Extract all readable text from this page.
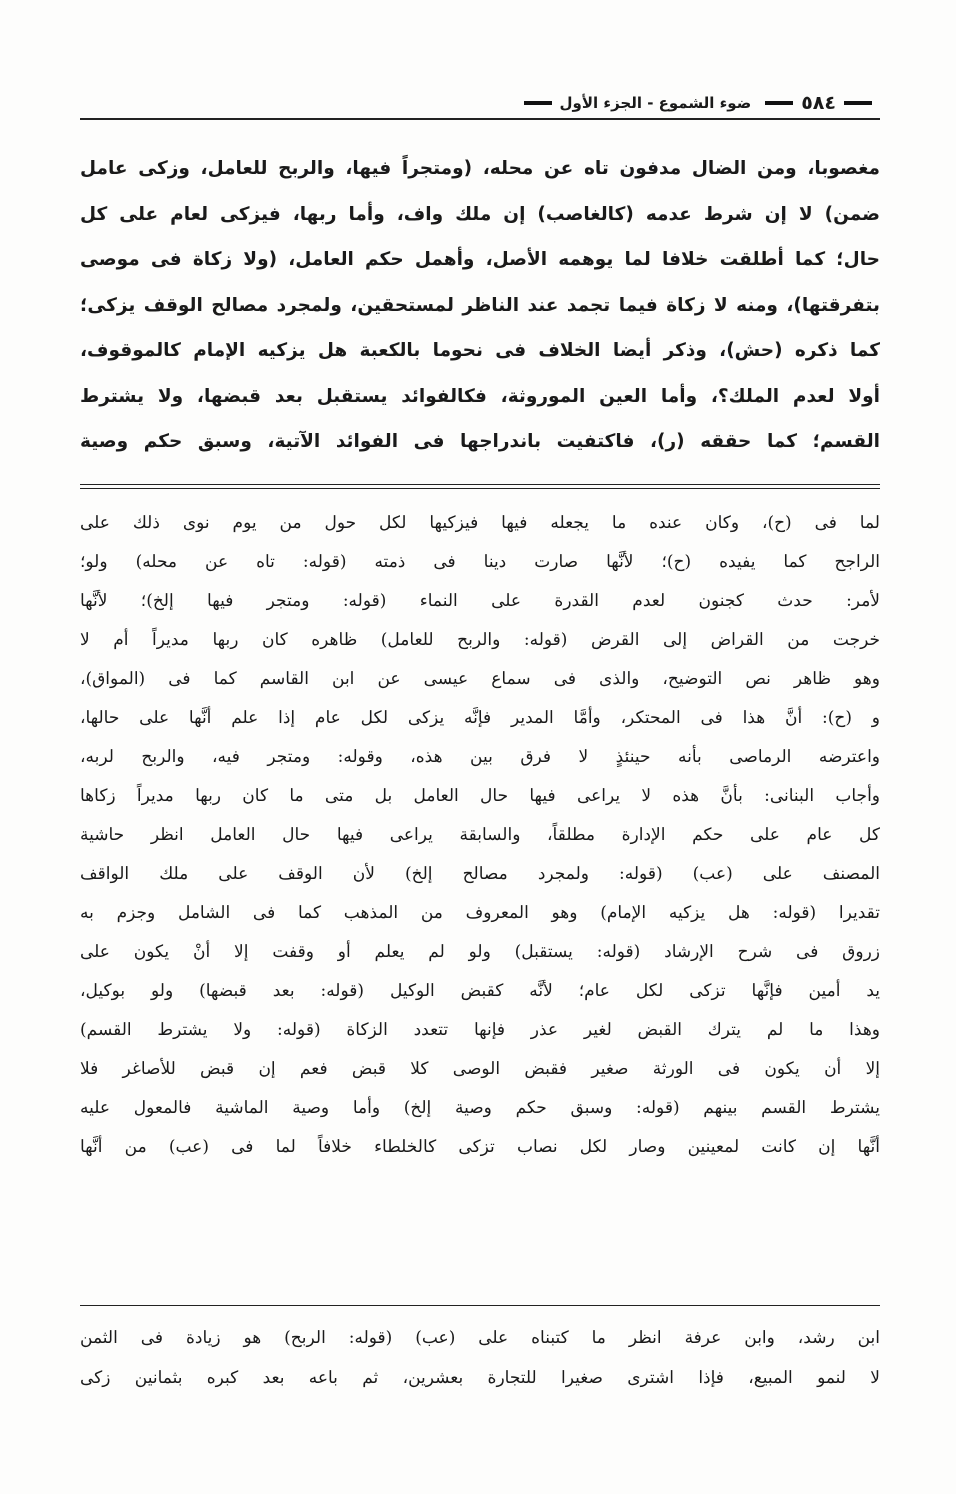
٥٨٤
ضوء الشموع - الجزء الأول
مغصوبا، ومن الضال مدفون تاه عن محله، (ومتجراً فيها، والربح للعامل، وزكى عامل
ضمن) لا إن شرط عدمه (كالغاصب) إن ملك واف، وأما ربها، فيزكى لعام على كل
حال؛ كما أطلقت خلافا لما يوهمه الأصل، وأهمل حكم العامل، (ولا زكاة فى موصى
بتفرقتها)، ومنه لا زكاة فيما تجمد عند الناظر لمستحقين، ولمجرد مصالح الوقف يزكى؛
كما ذكره (حش)، وذكر أيضا الخلاف فى نحوما بالكعبة هل يزكيه الإمام كالموقوف،
أولا لعدم الملك؟، وأما العين الموروثة، فكالفوائد يستقبل بعد قبضها، ولا يشترط
القسم؛ كما حققه (ر)، فاكتفيت باندراجها فى الفوائد الآتية، وسبق حكم وصية
لما فى (ح)، وكان عنده ما يجعله فيها فيزكيها لكل حول من يوم نوى ذلك على
الراجح كما يفيده (ح)؛ لأنَّها صارت دينا فى ذمته (قوله: تاه عن محله) ولو؛
لأمر: حدث كجنون لعدم القدرة على النماء (قوله: ومتجر فيها إلخ)؛ لأنَّها
خرجت من القراض إلى القرض (قوله: والربح للعامل) ظاهره كان ربها مديراً أم لا
وهو ظاهر نص التوضيح، والذى فى سماع عيسى عن ابن القاسم كما فى (المواق)،
و (ح): أنَّ هذا فى المحتكر، وأمَّا المدير فإنَّه يزكى لكل عام إذا علم أنَّها على حالها،
واعترضه الرماصى بأنه حينئذٍ لا فرق بين هذه، وقوله: ومتجر فيه، والربح لربه،
وأجاب البنانى: بأنَّ هذه لا يراعى فيها حال العامل بل متى ما كان ربها مديراً زكاها
كل عام على حكم الإدارة مطلقاً، والسابقة يراعى فيها حال العامل انظر حاشية
المصنف على (عب) (قوله: ولمجرد مصالح إلخ) لأن الوقف على ملك الواقف
تقديرا (قوله: هل يزكيه الإمام) وهو المعروف من المذهب كما فى الشامل وجزم به
زروق فى شرح الإرشاد (قوله: يستقبل) ولو لم يعلم أو وقفت إلا أنْ يكون على
يد أمين فإنَّها تزكى لكل عام؛ لأنَّه كقبض الوكيل (قوله: بعد قبضها) ولو بوكيل،
وهذا ما لم يترك القبض لغير عذر فإنها تتعدد الزكاة (قوله: ولا يشترط القسم)
إلا أن يكون فى الورثة صغير فقبض الوصى كلا قبض فعم إن قبض للأصاغر فلا
يشترط القسم بينهم (قوله: وسبق حكم وصية إلخ) وأما وصية الماشية فالمعول عليه
أنَّها إن كانت لمعينين وصار لكل نصاب تزكى كالخلطاء خلافاً لما فى (عب) من أنَّها
ابن رشد، وابن عرفة انظر ما كتبناه على (عب) (قوله: الربح) هو زيادة فى الثمن
لا لنمو المبيع، فإذا اشترى صغيرا للتجارة بعشرين، ثم باعه بعد كبره بثمانين زكى
